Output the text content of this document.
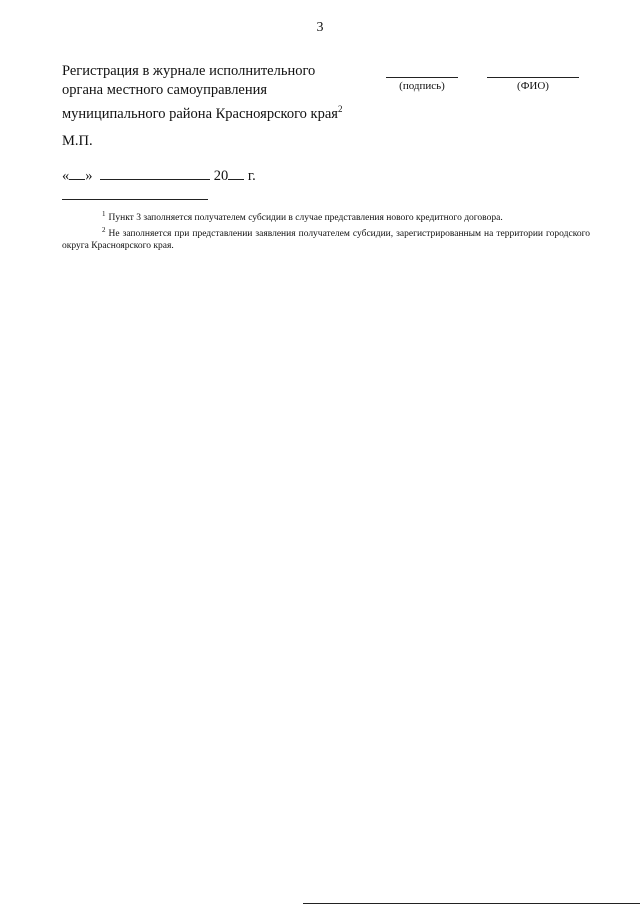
3
Регистрация в журнале исполнительного
органа местного самоуправления
муниципального района Красноярского края$^2$
(подпись)	(ФИО)
М.П.
« »	20 г.

$^1$ Пункт 3 заполняется получателем субсидии в случае представления нового кредитного договора.

$^2$ Не заполняется при представлении заявления получателем субсидии, зарегистрированным на территории городского округа Красноярского края.
